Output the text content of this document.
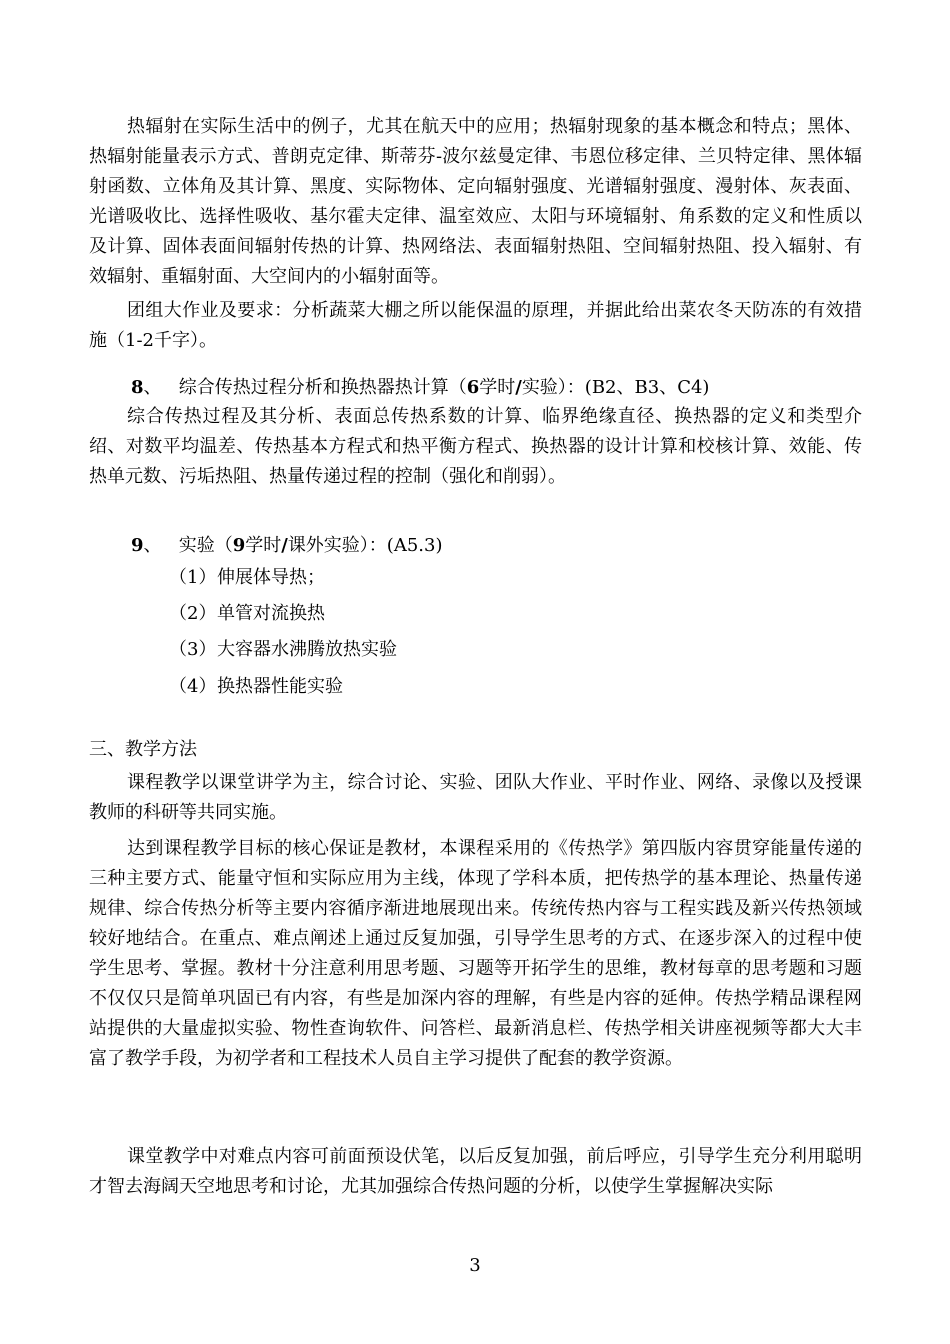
热辐射在实际生活中的例子，尤其在航天中的应用；热辐射现象的基本概念和特点；黑体、热辐射能量表示方式、普朗克定律、斯蒂芬-波尔兹曼定律、韦恩位移定律、兰贝特定律、黑体辐射函数、立体角及其计算、黑度、实际物体、定向辐射强度、光谱辐射强度、漫射体、灰表面、光谱吸收比、选择性吸收、基尔霍夫定律、温室效应、太阳与环境辐射、角系数的定义和性质以及计算、固体表面间辐射传热的计算、热网络法、表面辐射热阻、空间辐射热阻、投入辐射、有效辐射、重辐射面、大空间内的小辐射面等。

团组大作业及要求：分析蔬菜大棚之所以能保温的原理，并据此给出菜农冬天防冻的有效措施（1-2千字）。

8、 综合传热过程分析和换热器热计算（6学时/实验）：(B2、B3、C4)

综合传热过程及其分析、表面总传热系数的计算、临界绝缘直径、换热器的定义和类型介绍、对数平均温差、传热基本方程式和热平衡方程式、换热器的设计计算和校核计算、效能、传热单元数、污垢热阻、热量传递过程的控制（强化和削弱）。

9、 实验（9学时/课外实验）：(A5.3)
（1）伸展体导热；
（2）单管对流换热
（3）大容器水沸腾放热实验
（4）换热器性能实验
三、教学方法

课程教学以课堂讲学为主，综合讨论、实验、团队大作业、平时作业、网络、录像以及授课教师的科研等共同实施。

达到课程教学目标的核心保证是教材，本课程采用的《传热学》第四版内容贯穿能量传递的三种主要方式、能量守恒和实际应用为主线，体现了学科本质，把传热学的基本理论、热量传递规律、综合传热分析等主要内容循序渐进地展现出来。传统传热内容与工程实践及新兴传热领域较好地结合。在重点、难点阐述上通过反复加强，引导学生思考的方式、在逐步深入的过程中使学生思考、掌握。教材十分注意利用思考题、习题等开拓学生的思维，教材每章的思考题和习题不仅仅只是简单巩固已有内容，有些是加深内容的理解，有些是内容的延伸。传热学精品课程网站提供的大量虚拟实验、物性查询软件、问答栏、最新消息栏、传热学相关讲座视频等都大大丰富了教学手段，为初学者和工程技术人员自主学习提供了配套的教学资源。

课堂教学中对难点内容可前面预设伏笔，以后反复加强，前后呼应，引导学生充分利用聪明才智去海阔天空地思考和讨论，尤其加强综合传热问题的分析，以使学生掌握解决实际

3
